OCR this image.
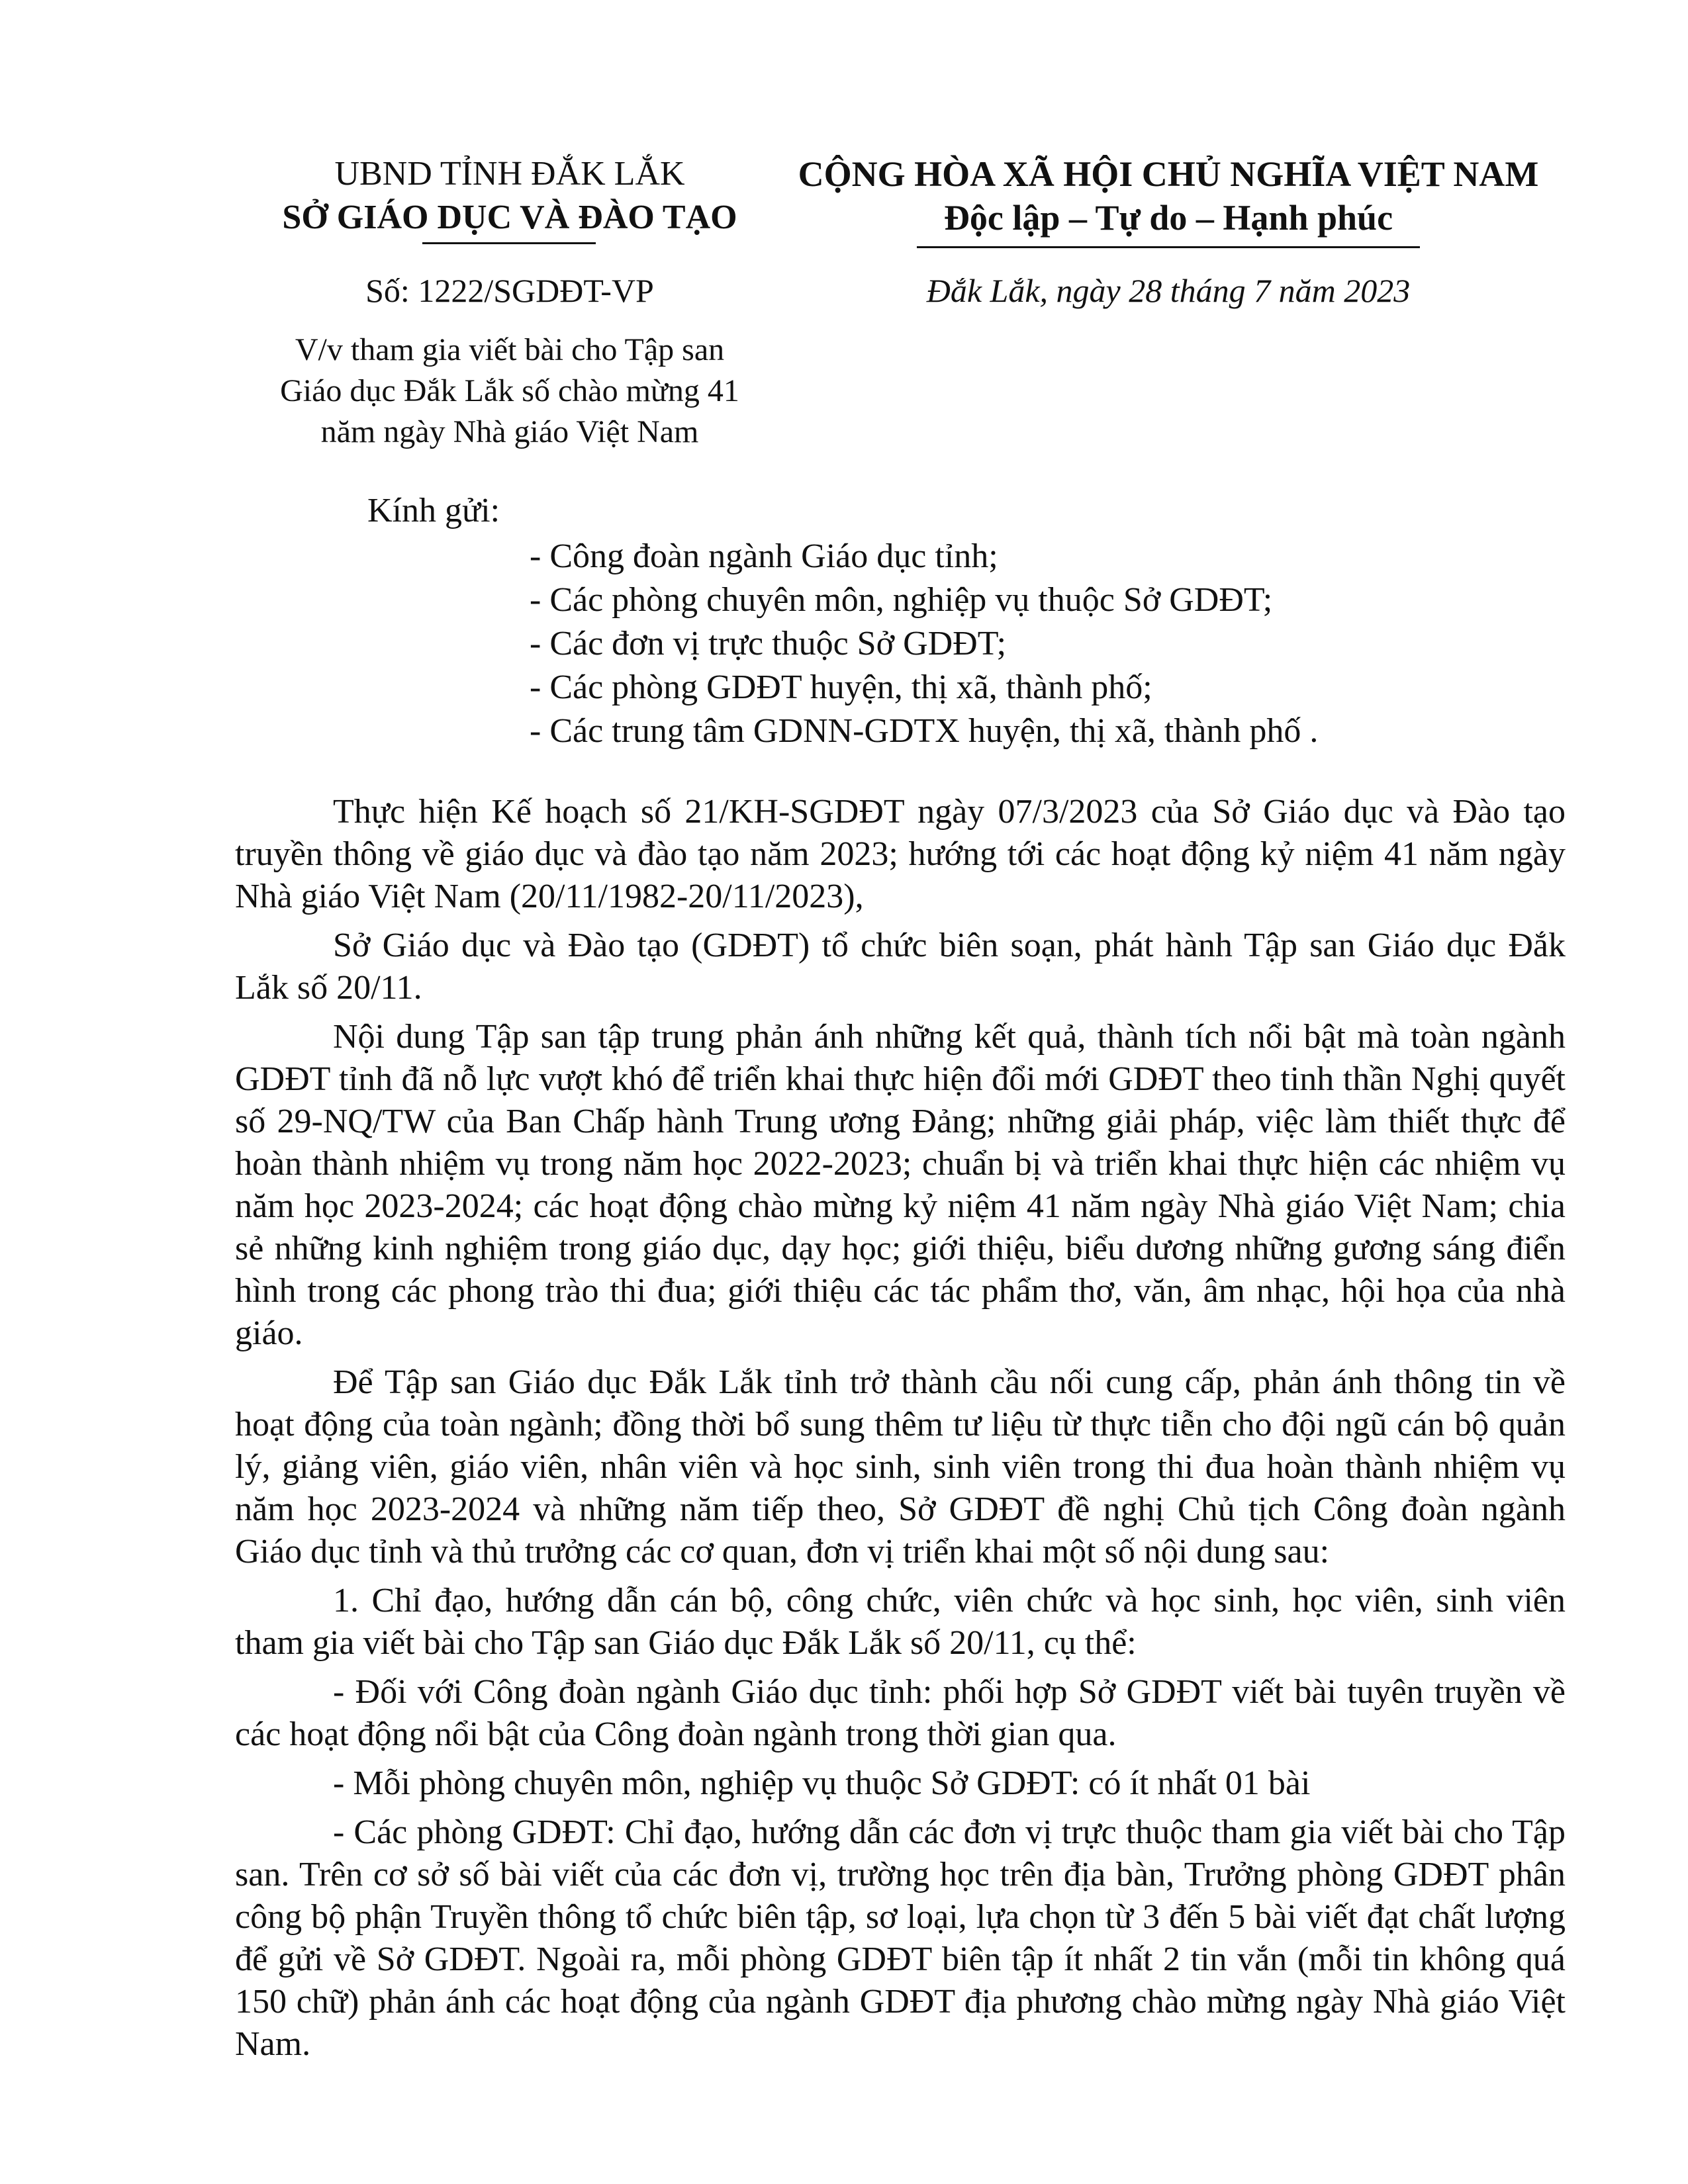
UBND TỈNH ĐẮK LẮK
SỞ GIÁO DỤC VÀ ĐÀO TẠO
CỘNG HÒA XÃ HỘI CHỦ NGHĨA VIỆT NAM
Độc lập – Tự do – Hạnh phúc
Số: 1222/SGDĐT-VP	Đắk Lắk, ngày 28 tháng 7 năm 2023
V/v tham gia viết bài cho Tập san
Giáo dục Đắk Lắk số chào mừng 41
năm ngày Nhà giáo Việt Nam
Kính gửi:
- Công đoàn ngành Giáo dục tỉnh;
- Các phòng chuyên môn, nghiệp vụ thuộc Sở GDĐT;
- Các đơn vị trực thuộc Sở GDĐT;
- Các phòng GDĐT huyện, thị xã, thành phố;
- Các trung tâm GDNN-GDTX huyện, thị xã, thành phố .

Thực hiện Kế hoạch số 21/KH-SGDĐT ngày 07/3/2023 của Sở Giáo dục và Đào tạo truyền thông về giáo dục và đào tạo năm 2023; hướng tới các hoạt động kỷ niệm 41 năm ngày Nhà giáo Việt Nam (20/11/1982-20/11/2023),

Sở Giáo dục và Đào tạo (GDĐT) tổ chức biên soạn, phát hành Tập san Giáo dục Đắk Lắk số 20/11.

Nội dung Tập san tập trung phản ánh những kết quả, thành tích nổi bật mà toàn ngành GDĐT tỉnh đã nỗ lực vượt khó để triển khai thực hiện đổi mới GDĐT theo tinh thần Nghị quyết số 29-NQ/TW của Ban Chấp hành Trung ương Đảng; những giải pháp, việc làm thiết thực để hoàn thành nhiệm vụ trong năm học 2022-2023; chuẩn bị và triển khai thực hiện các nhiệm vụ năm học 2023-2024; các hoạt động chào mừng kỷ niệm 41 năm ngày Nhà giáo Việt Nam; chia sẻ những kinh nghiệm trong giáo dục, dạy học; giới thiệu, biểu dương những gương sáng điển hình trong các phong trào thi đua; giới thiệu các tác phẩm thơ, văn, âm nhạc, hội họa của nhà giáo.

Để Tập san Giáo dục Đắk Lắk tỉnh trở thành cầu nối cung cấp, phản ánh thông tin về hoạt động của toàn ngành; đồng thời bổ sung thêm tư liệu từ thực tiễn cho đội ngũ cán bộ quản lý, giảng viên, giáo viên, nhân viên và học sinh, sinh viên trong thi đua hoàn thành nhiệm vụ năm học 2023-2024 và những năm tiếp theo, Sở GDĐT đề nghị Chủ tịch Công đoàn ngành Giáo dục tỉnh và thủ trưởng các cơ quan, đơn vị triển khai một số nội dung sau:

1. Chỉ đạo, hướng dẫn cán bộ, công chức, viên chức và học sinh, học viên, sinh viên tham gia viết bài cho Tập san Giáo dục Đắk Lắk số 20/11, cụ thể:

- Đối với Công đoàn ngành Giáo dục tỉnh: phối hợp Sở GDĐT viết bài tuyên truyền về các hoạt động nổi bật của Công đoàn ngành trong thời gian qua.

- Mỗi phòng chuyên môn, nghiệp vụ thuộc Sở GDĐT: có ít nhất 01 bài

- Các phòng GDĐT: Chỉ đạo, hướng dẫn các đơn vị trực thuộc tham gia viết bài cho Tập san. Trên cơ sở số bài viết của các đơn vị, trường học trên địa bàn, Trưởng phòng GDĐT phân công bộ phận Truyền thông tổ chức biên tập, sơ loại, lựa chọn từ 3 đến 5 bài viết đạt chất lượng để gửi về Sở GDĐT. Ngoài ra, mỗi phòng GDĐT biên tập ít nhất 2 tin vắn (mỗi tin không quá 150 chữ) phản ánh các hoạt động của ngành GDĐT địa phương chào mừng ngày Nhà giáo Việt Nam.
